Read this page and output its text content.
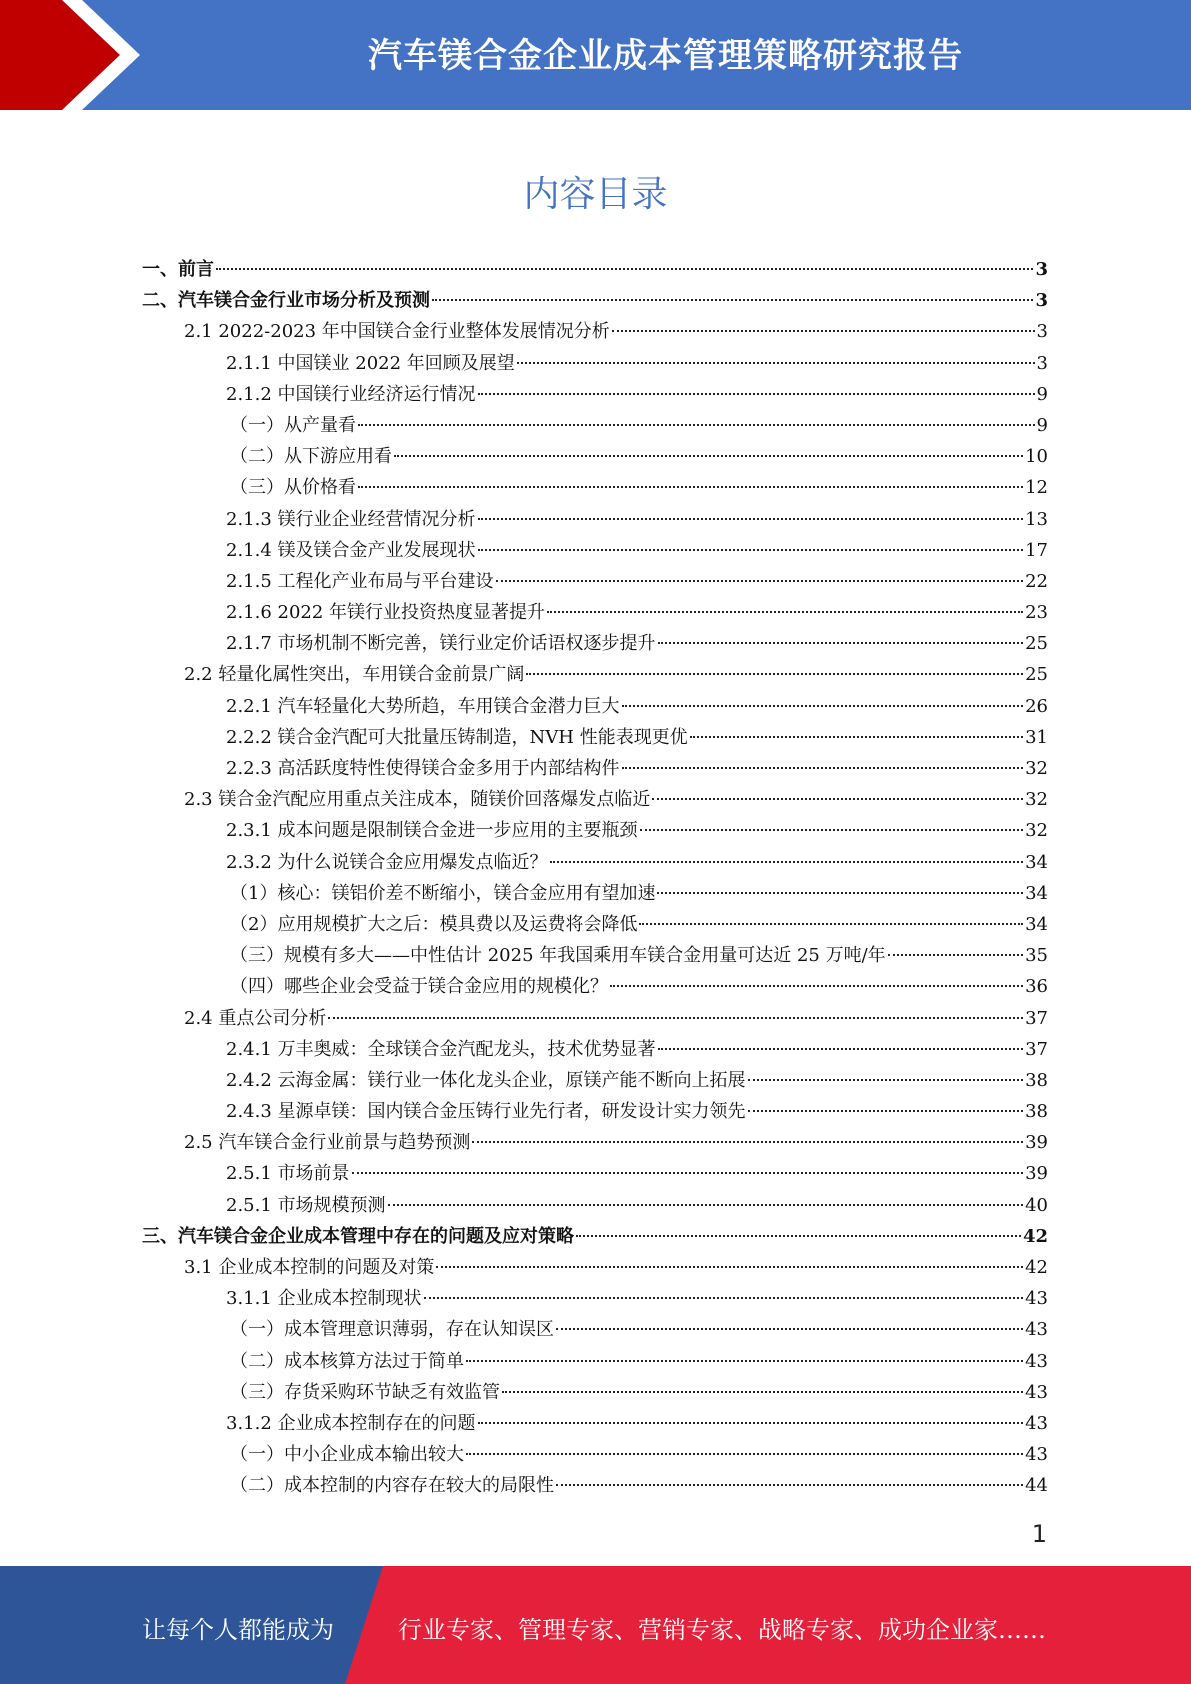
汽车镁合金企业成本管理策略研究报告
内容目录
一、前言	3
二、汽车镁合金行业市场分析及预测	3
2.1 2022-2023 年中国镁合金行业整体发展情况分析	3
2.1.1 中国镁业 2022 年回顾及展望	3
2.1.2 中国镁行业经济运行情况	9
（一）从产量看	9
（二）从下游应用看	10
（三）从价格看	12
2.1.3 镁行业企业经营情况分析	13
2.1.4 镁及镁合金产业发展现状	17
2.1.5 工程化产业布局与平台建设	22
2.1.6 2022 年镁行业投资热度显著提升	23
2.1.7 市场机制不断完善，镁行业定价话语权逐步提升	25
2.2 轻量化属性突出，车用镁合金前景广阔	25
2.2.1 汽车轻量化大势所趋，车用镁合金潜力巨大	26
2.2.2 镁合金汽配可大批量压铸制造，NVH 性能表现更优	31
2.2.3 高活跃度特性使得镁合金多用于内部结构件	32
2.3 镁合金汽配应用重点关注成本，随镁价回落爆发点临近	32
2.3.1 成本问题是限制镁合金进一步应用的主要瓶颈	32
2.3.2 为什么说镁合金应用爆发点临近？	34
（1）核心：镁铝价差不断缩小，镁合金应用有望加速	34
（2）应用规模扩大之后：模具费以及运费将会降低	34
（三）规模有多大——中性估计 2025 年我国乘用车镁合金用量可达近 25 万吨/年	35
（四）哪些企业会受益于镁合金应用的规模化？	36
2.4 重点公司分析	37
2.4.1 万丰奥威：全球镁合金汽配龙头，技术优势显著	37
2.4.2 云海金属：镁行业一体化龙头企业，原镁产能不断向上拓展	38
2.4.3 星源卓镁：国内镁合金压铸行业先行者，研发设计实力领先	38
2.5 汽车镁合金行业前景与趋势预测	39
2.5.1 市场前景	39
2.5.1 市场规模预测	40
三、汽车镁合金企业成本管理中存在的问题及应对策略	42
3.1 企业成本控制的问题及对策	42
3.1.1 企业成本控制现状	43
（一）成本管理意识薄弱，存在认知误区	43
（二）成本核算方法过于简单	43
（三）存货采购环节缺乏有效监管	43
3.1.2 企业成本控制存在的问题	43
（一）中小企业成本输出较大	43
（二）成本控制的内容存在较大的局限性	44
1
让每个人都能成为	行业专家、管理专家、营销专家、战略专家、成功企业家……
